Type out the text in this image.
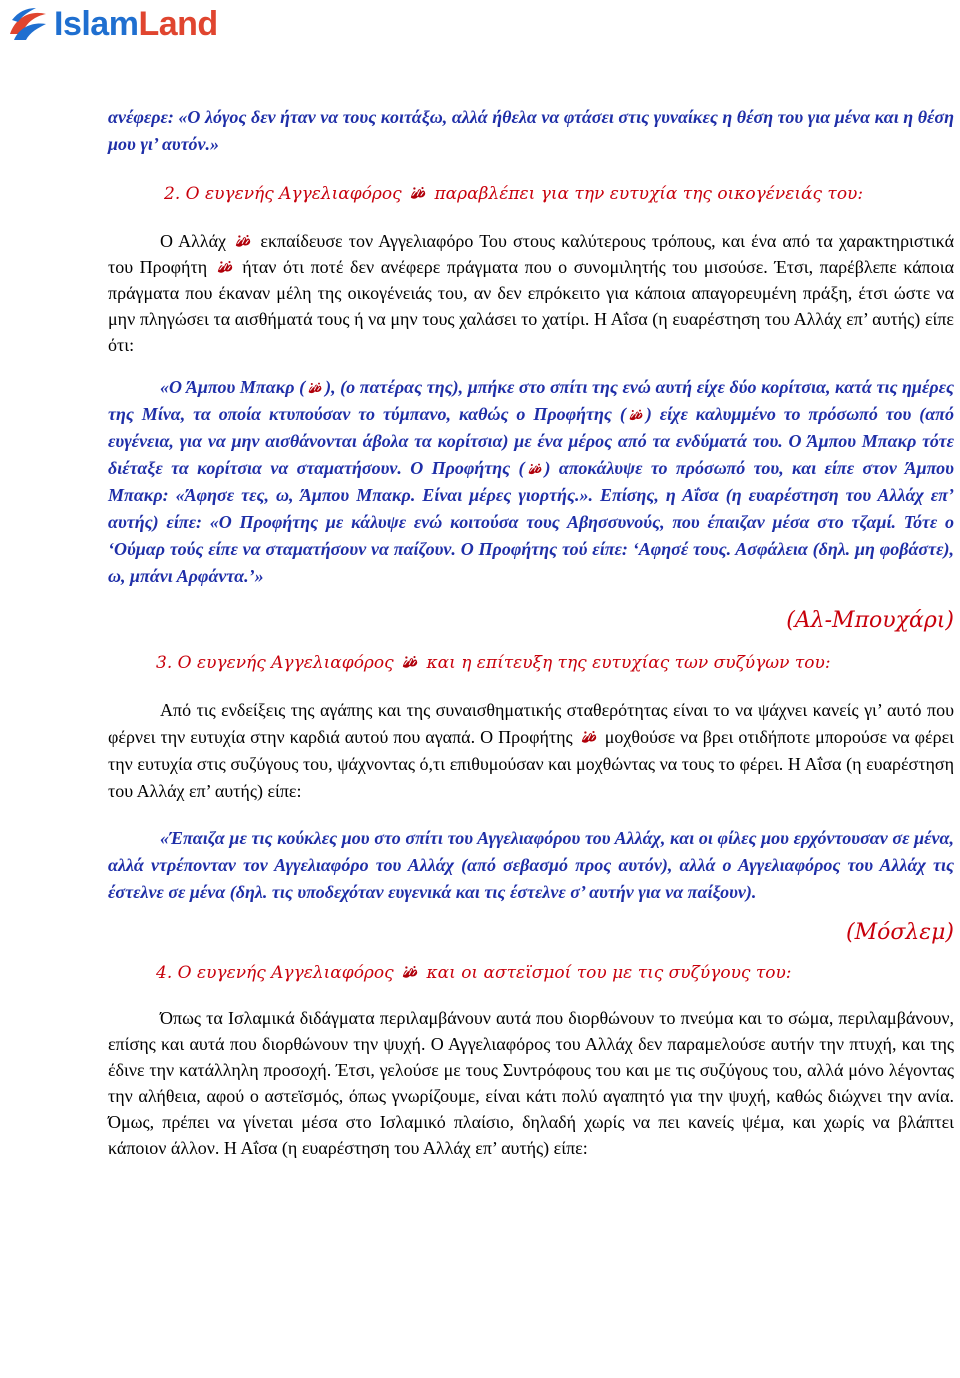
IslamLand

ανέφερε: «Ο λόγος δεν ήταν να τους κοιτάξω, αλλά ήθελα να φτάσει στις γυναίκες η θέση του για μένα και η θέση μου γι’ αυτόν.»

2. Ο ευγενής Αγγελιαφόρος παραβλέπει για την ευτυχία της οικογένειάς του:

Ο Αλλάχ εκπαίδευσε τον Αγγελιαφόρο Του στους καλύτερους τρόπους, και ένα από τα χαρακτηριστικά του Προφήτη ήταν ότι ποτέ δεν ανέφερε πράγματα που ο συνομιλητής του μισούσε. Έτσι, παρέβλεπε κάποια πράγματα που έκαναν μέλη της οικογένειάς του, αν δεν επρόκειτο για κάποια απαγορευμένη πράξη, έτσι ώστε να μην πληγώσει τα αισθήματά τους ή να μην τους χαλάσει το χατίρι. Η Αΐσα (η ευαρέστηση του Αλλάχ επ’ αυτής) είπε ότι:

«Ο Άμπου Μπακρ ( ), (ο πατέρας της), μπήκε στο σπίτι της ενώ αυτή είχε δύο κορίτσια, κατά τις ημέρες της Μίνα, τα οποία κτυπούσαν το τύμπανο, καθώς ο Προφήτης ( ) είχε καλυμμένο το πρόσωπό του (από ευγένεια, για να μην αισθάνονται άβολα τα κορίτσια) με ένα μέρος από τα ενδύματά του. Ο Άμπου Μπακρ τότε διέταξε τα κορίτσια να σταματήσουν. Ο Προφήτης ( ) αποκάλυψε το πρόσωπό του, και είπε στον Άμπου Μπακρ: «Άφησε τες, ω, Άμπου Μπακρ. Είναι μέρες γιορτής.». Επίσης, η Αΐσα (η ευαρέστηση του Αλλάχ επ’ αυτής) είπε: «Ο Προφήτης με κάλυψε ενώ κοιτούσα τους Αβησσυνούς, που έπαιζαν μέσα στο τζαμί. Τότε ο ‘Ούμαρ τούς είπε να σταματήσουν να παίζουν. Ο Προφήτης τού είπε: ‘Αφησέ τους. Ασφάλεια (δηλ. μη φοβάστε), ω, μπάνι Αρφάντα.’»

(Αλ-Μπουχάρι)

3. Ο ευγενής Αγγελιαφόρος και η επίτευξη της ευτυχίας των συζύγων του:

Από τις ενδείξεις της αγάπης και της συναισθηματικής σταθερότητας είναι το να ψάχνει κανείς γι’ αυτό που φέρνει την ευτυχία στην καρδιά αυτού που αγαπά. Ο Προφήτης μοχθούσε να βρει οτιδήποτε μπορούσε να φέρει την ευτυχία στις συζύγους του, ψάχνοντας ό,τι επιθυμούσαν και μοχθώντας να τους το φέρει. Η Αΐσα (η ευαρέστηση του Αλλάχ επ’ αυτής) είπε:

«Έπαιζα με τις κούκλες μου στο σπίτι του Αγγελιαφόρου του Αλλάχ, και οι φίλες μου ερχόντουσαν σε μένα, αλλά ντρέπονταν τον Αγγελιαφόρο του Αλλάχ (από σεβασμό προς αυτόν), αλλά ο Αγγελιαφόρος του Αλλάχ τις έστελνε σε μένα (δηλ. τις υποδεχόταν ευγενικά και τις έστελνε σ’ αυτήν για να παίξουν).

(Μόσλεμ)

4. Ο ευγενής Αγγελιαφόρος και οι αστεϊσμοί του με τις συζύγους του:

Όπως τα Ισλαμικά διδάγματα περιλαμβάνουν αυτά που διορθώνουν το πνεύμα και το σώμα, περιλαμβάνουν, επίσης και αυτά που διορθώνουν την ψυχή. Ο Αγγελιαφόρος του Αλλάχ δεν παραμελούσε αυτήν την πτυχή, και της έδινε την κατάλληλη προσοχή. Έτσι, γελούσε με τους Συντρόφους του και με τις συζύγους του, αλλά μόνο λέγοντας την αλήθεια, αφού ο αστεϊσμός, όπως γνωρίζουμε, είναι κάτι πολύ αγαπητό για την ψυχή, καθώς διώχνει την ανία. Όμως, πρέπει να γίνεται μέσα στο Ισλαμικό πλαίσιο, δηλαδή χωρίς να πει κανείς ψέμα, και χωρίς να βλάπτει κάποιον άλλον. Η Αΐσα (η ευαρέστηση του Αλλάχ επ’ αυτής) είπε:
